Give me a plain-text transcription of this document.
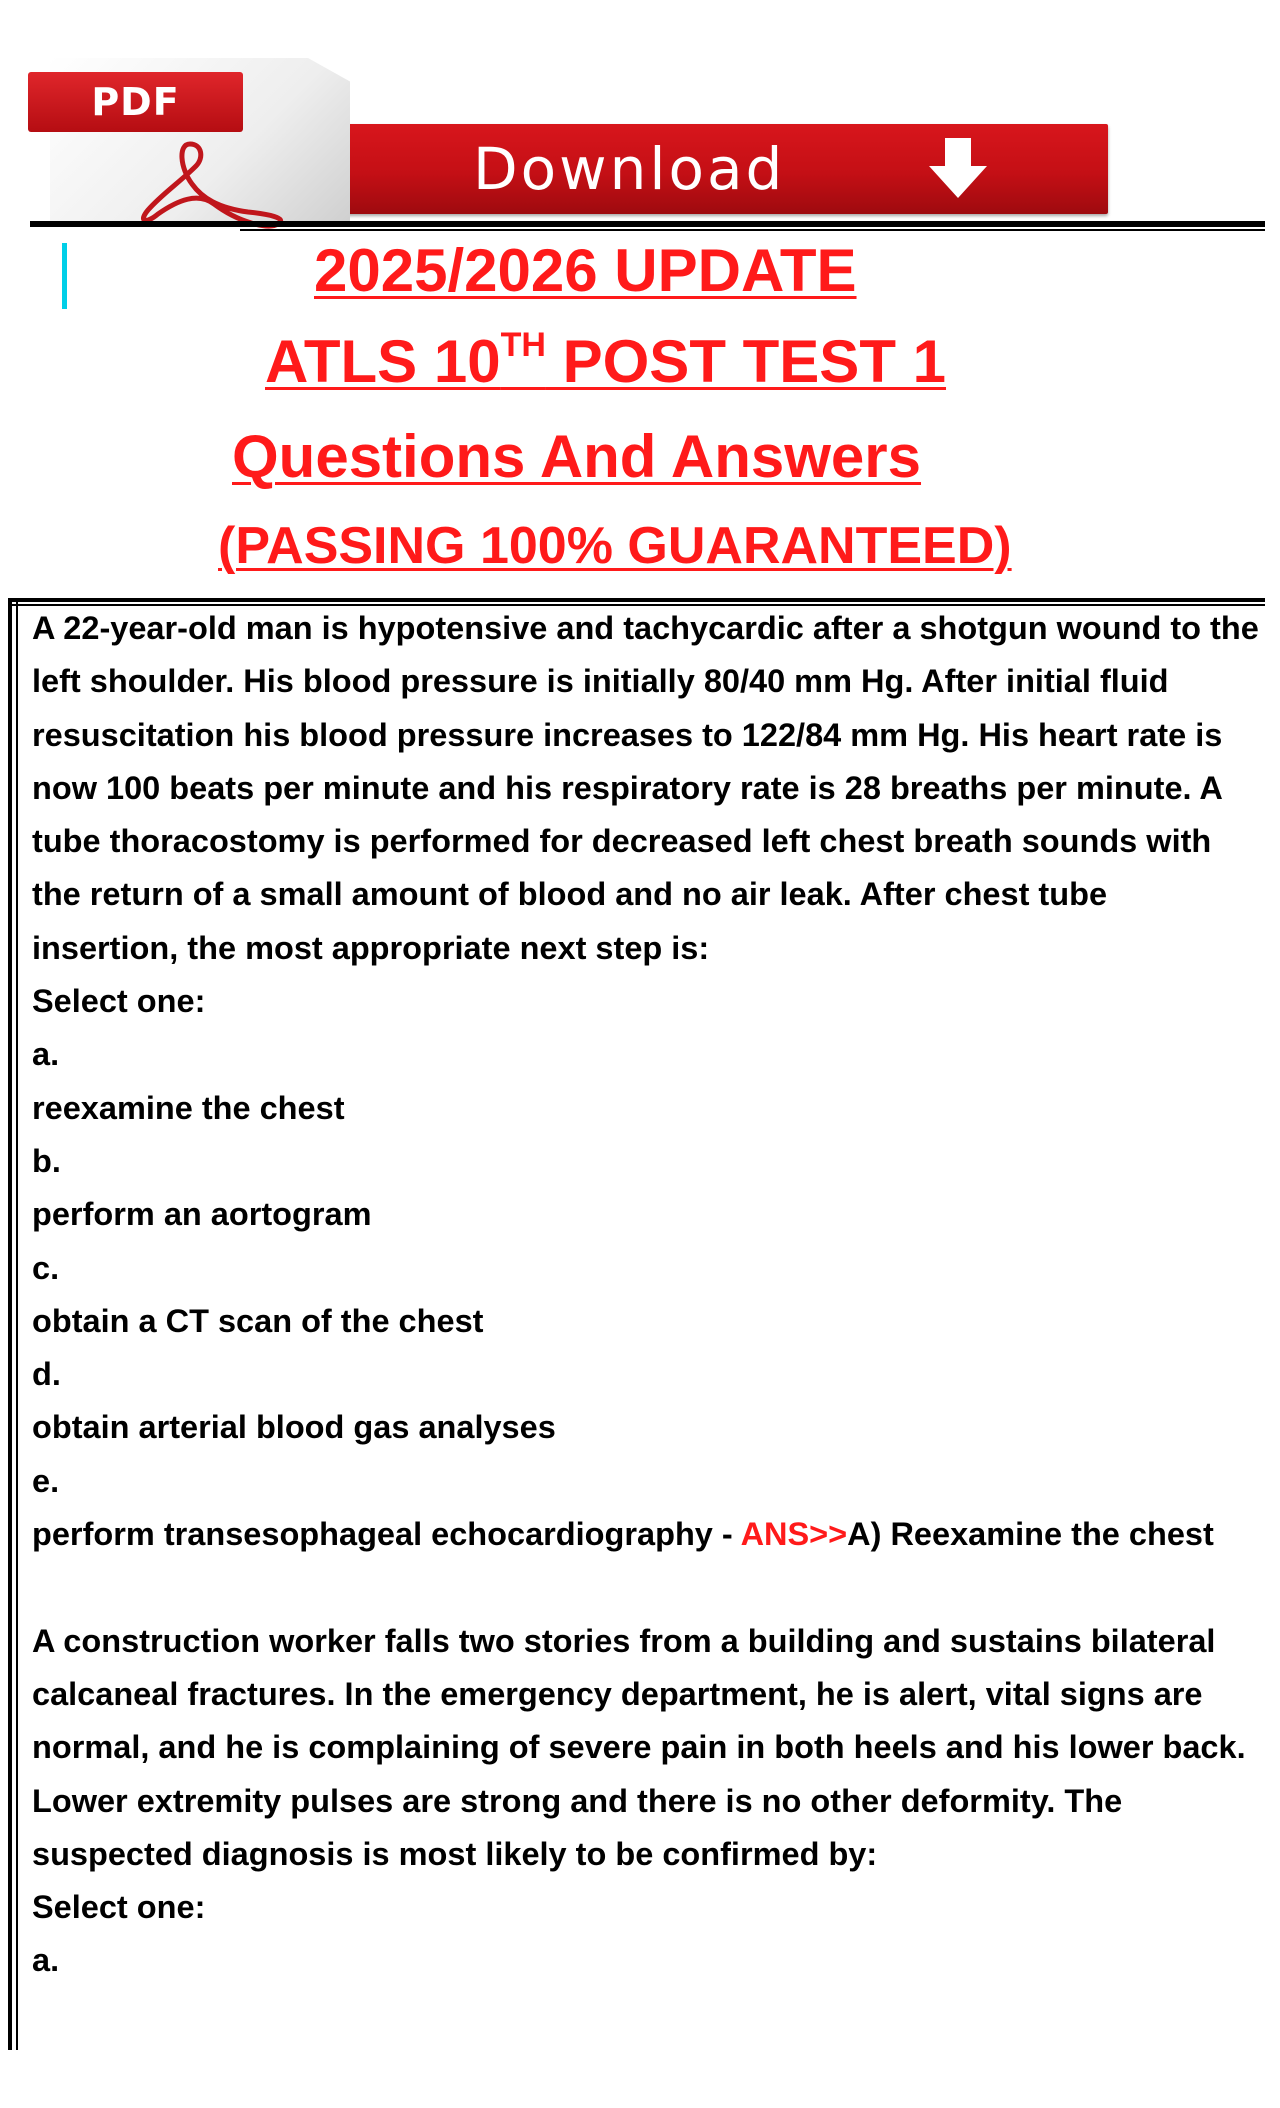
Download
PDF
2025/2026 UPDATE
ATLS 10TH POST TEST 1
Questions And Answers
(PASSING 100% GUARANTEED)

A 22-year-old man is hypotensive and tachycardic after a shotgun wound to the left shoulder. His blood pressure is initially 80/40 mm Hg. After initial fluid resuscitation his blood pressure increases to 122/84 mm Hg. His heart rate is now 100 beats per minute and his respiratory rate is 28 breaths per minute. A tube thoracostomy is performed for decreased left chest breath sounds with the return of a small amount of blood and no air leak. After chest tube insertion, the most appropriate next step is:

Select one:

a.

reexamine the chest

b.

perform an aortogram

c.

obtain a CT scan of the chest

d.

obtain arterial blood gas analyses

e.

perform transesophageal echocardiography - ANS>>A) Reexamine the chest

A construction worker falls two stories from a building and sustains bilateral calcaneal fractures. In the emergency department, he is alert, vital signs are normal, and he is complaining of severe pain in both heels and his lower back. Lower extremity pulses are strong and there is no other deformity. The suspected diagnosis is most likely to be confirmed by:

Select one:

a.
